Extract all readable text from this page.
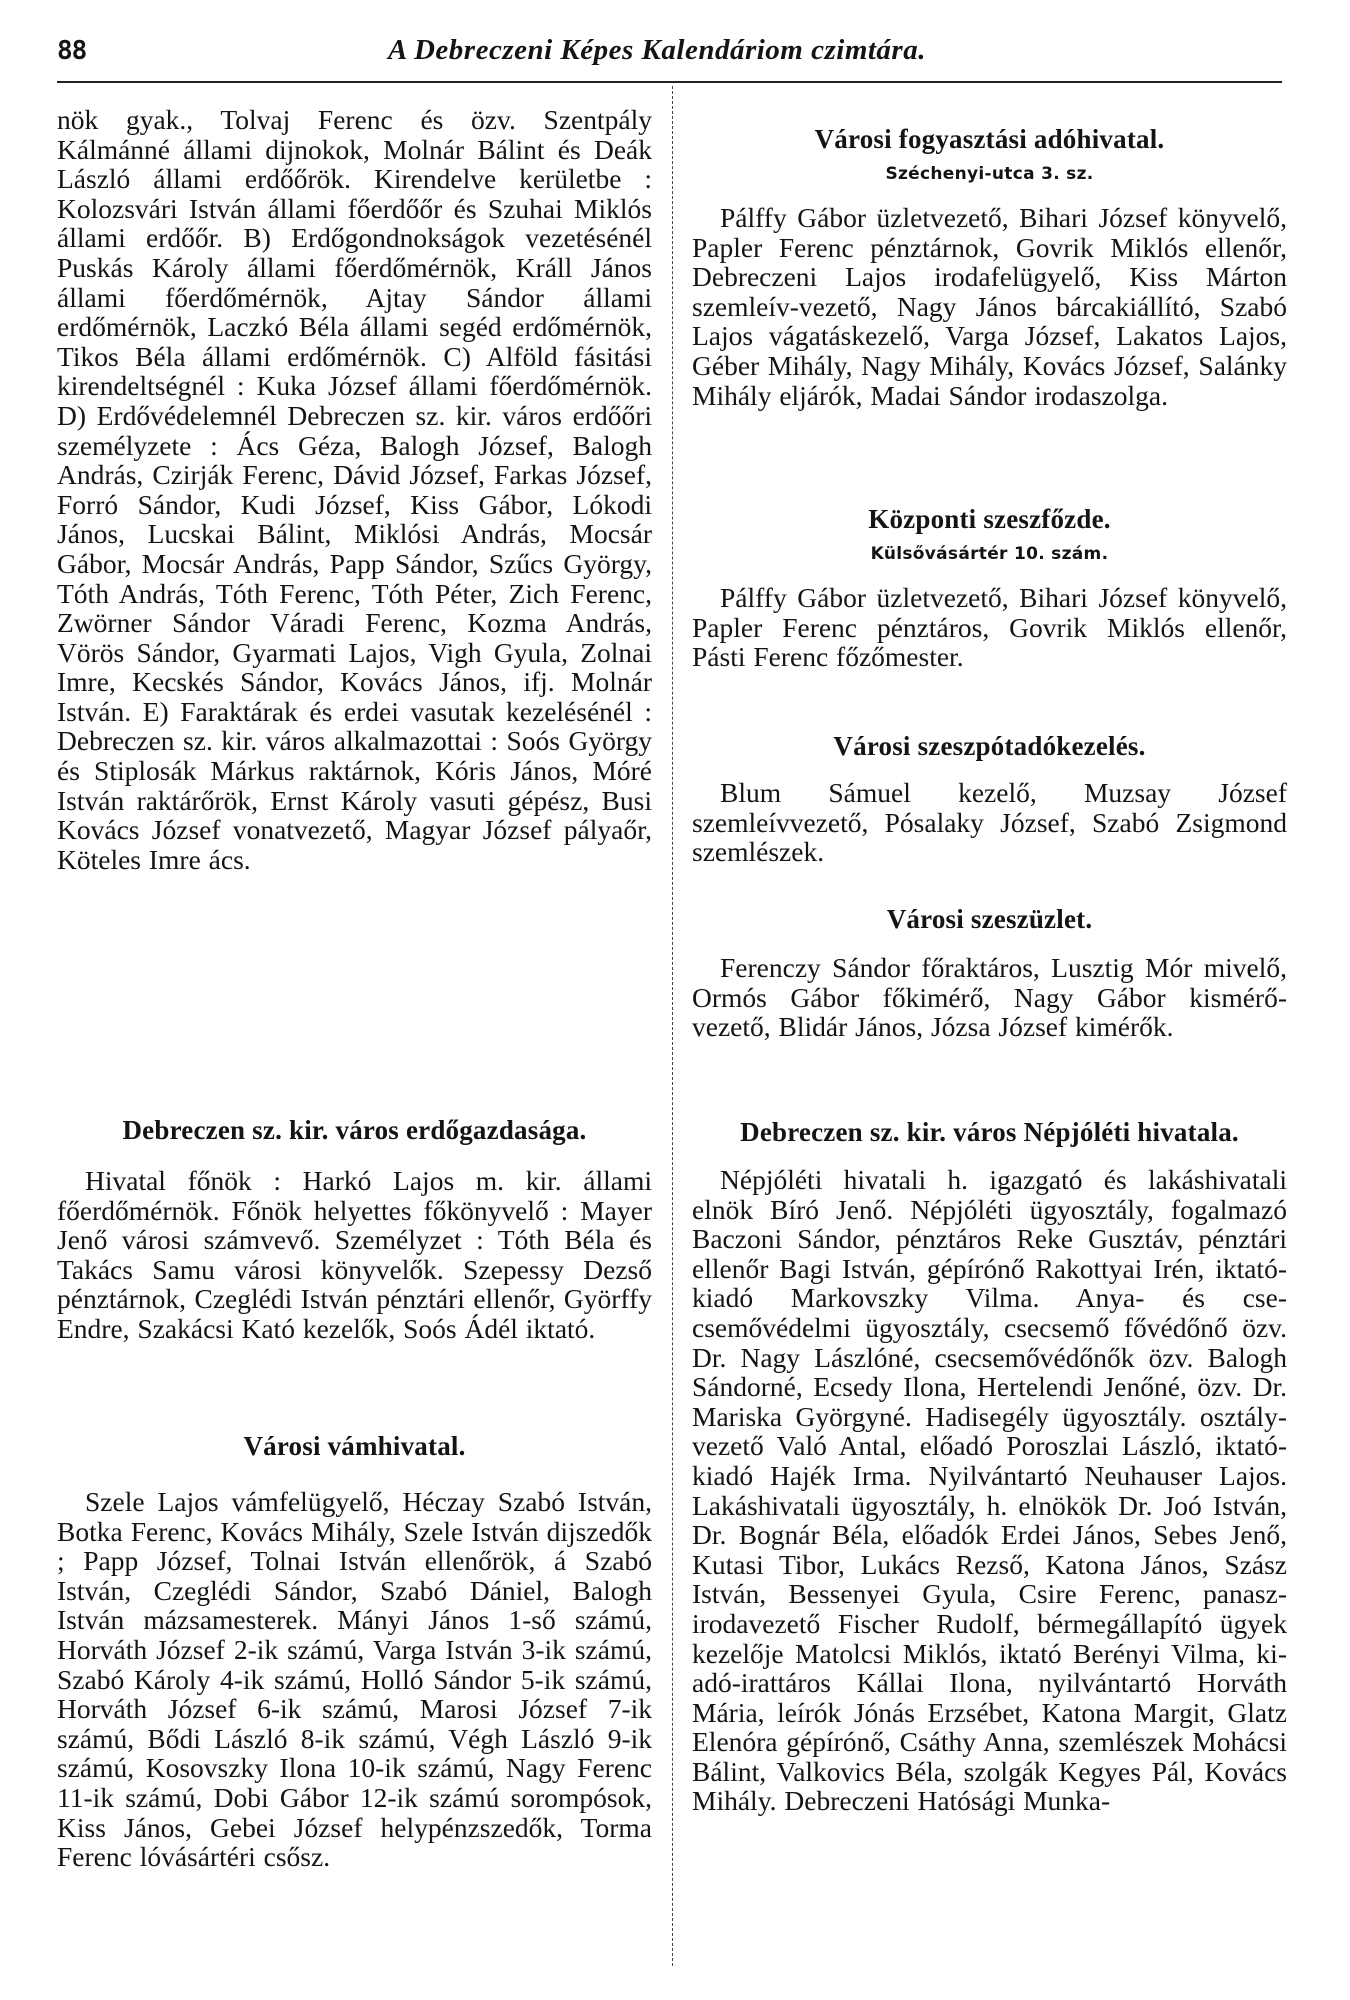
88	A Debreczeni Képes Kalendáriom czimtára.

nök gyak., Tolvaj Ferenc és özv. Szentpály Kálmánné állami dijnokok, Molnár Bálint és Deák László állami erdőőrök. Kirendelve kerületbe : Kolozsvári István állami főerdőőr és Szuhai Miklós állami erdőőr. B) Erdőgondnokságok vezetésénél Puskás Károly állami főerdőmérnök, Králl János állami főerdőmérnök, Ajtay Sándor állami erdőmérnök, Laczkó Béla állami segéd erdőmérnök, Tikos Béla állami erdőmérnök. C) Alföld fásitási kirendeltségnél : Kuka József állami főerdőmérnök. D) Erdővédelemnél Debreczen sz. kir. város erdőőri személyzete : Ács Géza, Balogh József, Balogh András, Czirják Ferenc, Dávid József, Farkas József, Forró Sándor, Kudi József, Kiss Gábor, Lókodi János, Lucskai Bálint, Miklósi András, Mocsár Gábor, Mocsár András, Papp Sándor, Szűcs György, Tóth András, Tóth Ferenc, Tóth Péter, Zich Ferenc, Zwörner Sándor Váradi Ferenc, Kozma András, Vörös Sándor, Gyarmati Lajos, Vigh Gyula, Zolnai Imre, Kecskés Sándor, Kovács János, ifj. Molnár István. E) Faraktárak és erdei vasutak kezelésénél : Debreczen sz. kir. város alkalmazottai : Soós György és Stiplosák Márkus raktárnok, Kóris János, Móré István raktárőrök, Ernst Károly vasuti gépész, Busi Kovács József vonatvezető, Magyar József pályaőr, Köteles Imre ács.

Debreczen sz. kir. város erdőgazdasága.

Hivatal főnök : Harkó Lajos m. kir. állami főerdőmérnök. Főnök helyettes főkönyvelő : Mayer Jenő városi számvevő. Személyzet : Tóth Béla és Takács Samu városi könyvelők. Szepessy Dezső pénztárnok, Czeglédi István pénztári ellenőr, Györffy Endre, Szakácsi Kató kezelők, Soós Ádél iktató.

Városi vámhivatal.

Szele Lajos vámfelügyelő, Héczay Szabó István, Botka Ferenc, Kovács Mihály, Szele István dijszedők ; Papp József, Tolnai István ellenőrök, á Szabó István, Czeglédi Sándor, Szabó Dániel, Balogh István mázsamesterek. Mányi János 1-ső számú, Horváth József 2-ik számú, Varga István 3-ik számú, Szabó Károly 4-ik számú, Holló Sándor 5-ik számú, Horváth József 6-ik számú, Marosi József 7-ik számú, Bődi László 8-ik számú, Végh László 9-ik számú, Kosovszky Ilona 10-ik számú, Nagy Ferenc 11-ik számú, Dobi Gábor 12-ik számú sorompósok, Kiss János, Gebei József helypénzszedők, Torma Ferenc lóvásártéri csősz.

Városi fogyasztási adóhivatal.
Széchenyi-utca 3. sz.

Pálffy Gábor üzletvezető, Bihari József könyvelő, Papler Ferenc pénztárnok, Govrik Miklós ellenőr, Debreczeni Lajos irodafelügyelő, Kiss Márton szemleív-vezető, Nagy János bárcakiállító, Szabó Lajos vágatáskezelő, Varga József, Lakatos Lajos, Géber Mihály, Nagy Mihály, Kovács József, Salánky Mihály eljárók, Madai Sándor irodaszolga.

Központi szeszfőzde.
Külsővásártér 10. szám.

Pálffy Gábor üzletvezető, Bihari József könyvelő, Papler Ferenc pénztáros, Govrik Miklós ellenőr, Pásti Ferenc főzőmester.

Városi szeszpótadókezelés.

Blum Sámuel kezelő, Muzsay József szemleívvezető, Pósalaky József, Szabó Zsigmond szemlészek.

Városi szeszüzlet.

Ferenczy Sándor főraktáros, Lusztig Mór mivelő, Ormós Gábor főkimérő, Nagy Gábor kismérő-vezető, Blidár János, Józsa József kimérők.

Debreczen sz. kir. város Népjóléti hivatala.

Népjóléti hivatali h. igazgató és lakáshivatali elnök Bíró Jenő. Népjóléti ügyosztály, fogalmazó Baczoni Sándor, pénztáros Reke Gusztáv, pénztári ellenőr Bagi István, gépírónő Rakottyai Irén, iktatókiadó Markovszky Vilma. Anya- és csecsemővédelmi ügyosztály, csecsemő fővédőnő özv. Dr. Nagy Lászlóné, csecsemővédőnők özv. Balogh Sándorné, Ecsedy Ilona, Hertelendi Jenőné, özv. Dr. Mariska Györgyné. Hadisegély ügyosztály. osztályvezető Való Antal, előadó Poroszlai László, iktató-kiadó Hajék Irma. Nyilvántartó Neuhauser Lajos. Lakáshivatali ügyosztály, h. elnökök Dr. Joó István, Dr. Bognár Béla, előadók Erdei János, Sebes Jenő, Kutasi Tibor, Lukács Rezső, Katona János, Szász István, Bessenyei Gyula, Csire Ferenc, panasz-irodavezető Fischer Rudolf, bérmegállapító ügyek kezelője Matolcsi Miklós, iktató Berényi Vilma, kiadó-irattáros Kállai Ilona, nyilvántartó Horváth Mária, leírók Jónás Erzsébet, Katona Margit, Glatz Elenóra gépírónő, Csáthy Anna, szemlészek Mohácsi Bálint, Valkovics Béla, szolgák Kegyes Pál, Kovács Mihály. Debreczeni Hatósági Munka-
